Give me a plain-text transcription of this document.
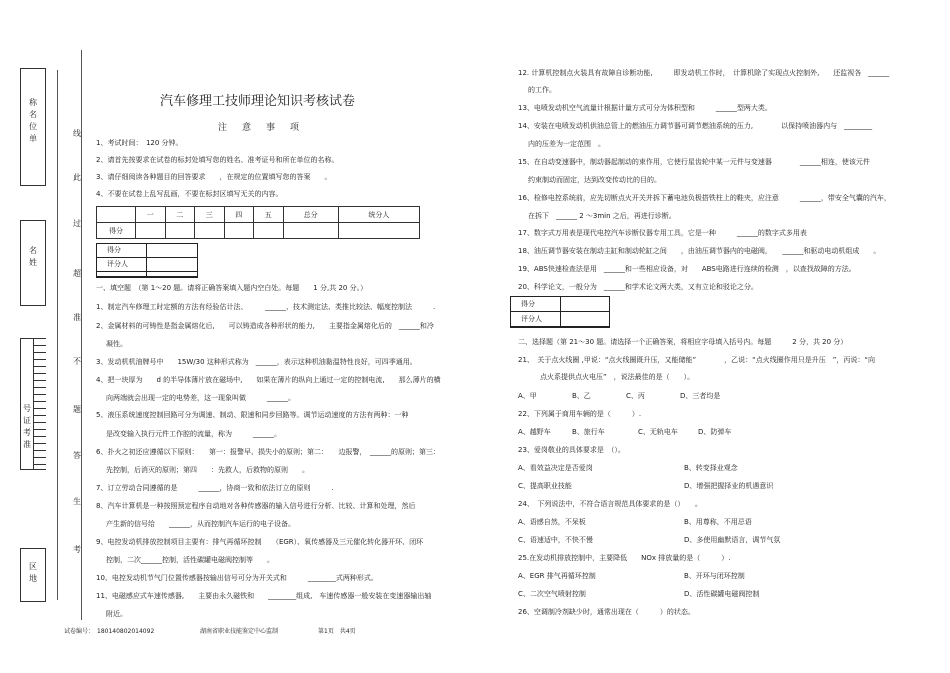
称名位单
名姓
号证考准
区地
线
此
过
超
准
不
题
答
生
考
汽车修理工技师理论知识考核试卷
注　意　事　项
1、考试时间：　120 分钟。
2、请首先按要求在试卷的标封处填写您的姓名、准考证号和所在单位的名称。
3、请仔细阅读各种题目的回答要求　　，在规定的位置填写您的答案　　。
4、不要在试卷上乱写乱画，不要在标封区填写无关的内容。
	一	二	三	四	五	总分	统分人
得分							
得分
评分人
一、填空题　（第 1～20 题。请将正确答案填入题内空白处。每题　　1 分,共 20 分。）
1、制定汽车修理工时定额的方法有经验估计法、　　　______、技术测定法、类推比较法、幅度控制法　　　.
2、金属材料的可铸性是指金属熔化后,　　可以铸造成各种形状的能力,　　主要指金属熔化后的　______和冷
凝性。
3、发动机机油牌号中　　15W/30 这种形式称为　______，表示这种机油黏温特性良好，可四季通用。
4、把一块厚为　　d 的半导体薄片放在磁场中,　　如果在薄片的纵向上通过一定的控制电流,　　那么薄片的横
向两端就会出现一定的电势差，这一现象叫做　　　______。
5、液压系统速度控制回路可分为调速、制动、限速和同步回路等。调节运动速度的方法有两种：一种
是改变输入执行元件工作腔的流量，称为　　　______。
6、扑火之初还应遵循以下原则：　　第一：报警早、损失小的原则；第二：　　边报警，　______的原则；第三：
先控制，后消灭的原则；第四　　：先救人，后救物的原则　　。
7、订立劳动合同遵循的是　　　______，协商一致和依法订立的原则　　　.
8、汽车计算机是一种按照预定程序自动地对各种传感器的输入信号进行分析、比较、计算和处理，然后
产生新的信号给　　______，从而控制汽车运行的电子设备。
9、电控发动机排放控制项目主要有：排气再循环控制　　（EGR）、氧传感器及三元催化转化器开环、闭环
控制，二次______控制，活性碳罐电磁阀控制等　　。
10、电控发动机节气门位置传感器按输出信号可分为开关式和　　　________式两种形式。
11、电磁感应式车速传感器,　　主要由永久磁铁和　　________组成,　车速传感器一般安装在变速器输出轴
附近。
12. 计算机控制点火装具有故障自诊断功能,　　　即发动机工作时，　计算机除了实现点火控制外,　　还监视各　______
的工作。
13、电喷发动机空气流量计根据计量方式可分为体积型和　　　______型两大类。
14、安装在电喷发动机供油总管上的燃油压力调节器可调节燃油系统的压力,　　　　以保持喷油器内与　________
内的压差为一定范围　。
15、在自动变速器中，制动器起制动的束作用，它使行星齿轮中某一元件与变速器　　　　______相连，使该元件
约束制动而固定，达到改变传动比的目的。
16、检修电控系统前，应先切断点火开关并拆下蓄电池负极搭铁柱上的鞋夹，应注意　　　______，带安全气囊的汽车，
在拆下　______ 2 ～3min 之后，再进行诊断。
17、数字式万用表是现代电控汽车诊断仪器专用工具，它是一种　　　______的数字式多用表
18、油压调节器安装在制动主缸和制动轮缸之间　　，由油压调节器内的电磁阀，　　______和驱动电动机组成　　。
19、ABS快速检查法是用　______和一些相应设备，对　　ABS电路进行连续的检测　，以查找故障的方法。
20、科学论文，一般分为　______和学术论文两大类，又有立论和驳论之分。
得分
评分人
二、选择题（第 21～30 题。请选择一个正确答案，将相应字母填入括号内。每题　　　2 分，共 20 分）
21、　关于点火线圈 ,甲说：“点火线圈既升压，又能储能”　　　　，乙说：“点火线圈作用只是升压　”，丙说：“向
点火系提供点火电压”　，说法最佳的是（　　）。
A、甲	B、乙	C、丙	D、三者均是
22、下列属于商用车辆的是（　　　）.
A、越野车	B、旅行车	C、无轨电车	D、防弹车
23、爱岗敬业的具体要求是　（）。
A、看效益决定是否爱岗	B、转变择业观念
C、提高职业技能	D、增强把握择业的机遇意识
24、　下列说法中，不符合语言规范具体要求的是（）　　。
A、语感自然，不呆板	B、用尊称，不用忌语
C、语速适中，不快不慢	D、多使用幽默语言，调节气氛
25.在发动机排放控制中，主要降低　　NOx 排放量的是（　　　）.
A、EGR 排气再循环控制	B、开环与闭环控制
C、二次空气喷射控制	D、活性碳罐电磁阀控制
26、空调制冷剂缺少时，通常出现在（　　　）的状态。
试卷编号：　180140802014092	湖南省职业技能鉴定中心监制	第1页　共4页
